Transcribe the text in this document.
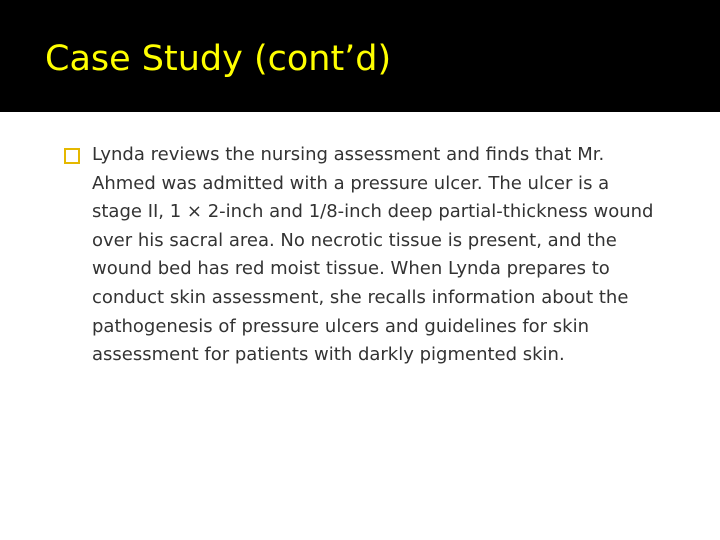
Case Study (cont’d)

Lynda reviews the nursing assessment and finds that Mr. Ahmed was admitted with a pressure ulcer. The ulcer is a stage II, 1 × 2-inch and 1/8-inch deep partial-thickness wound over his sacral area. No necrotic tissue is present, and the wound bed has red moist tissue. When Lynda prepares to conduct skin assessment, she recalls information about the pathogenesis of pressure ulcers and guidelines for skin assessment for patients with darkly pigmented skin.
